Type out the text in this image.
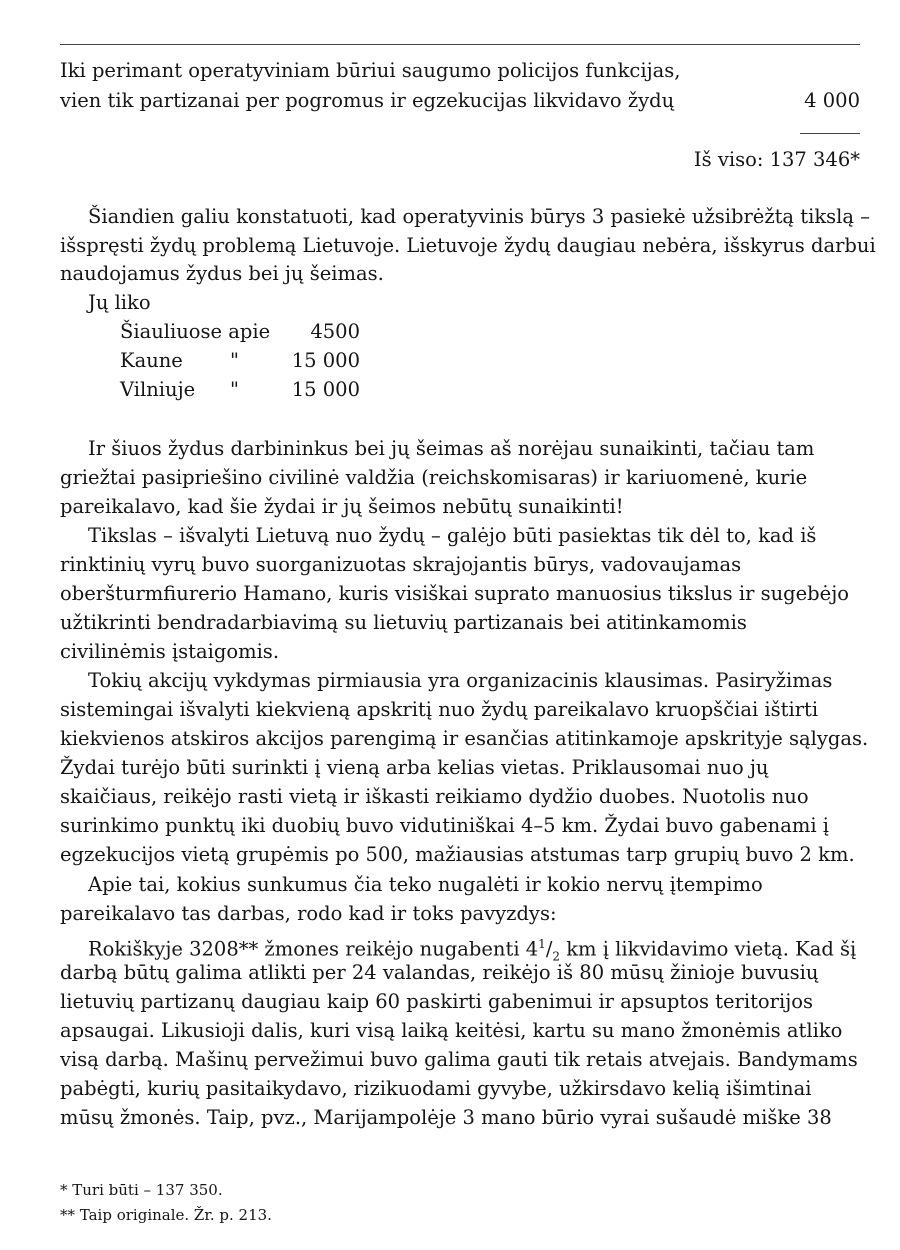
Iki perimant operatyviniam būriui saugumo policijos funkcijas,
vien tik partizanai per pogromus ir egzekucijas likvidavo žydų	4 000
Iš viso: 137 346*
Šiandien galiu konstatuoti, kad operatyvinis būrys 3 pasiekė užsibrėžtą tikslą –
išspręsti žydų problemą Lietuvoje. Lietuvoje žydų daugiau nebėra, išskyrus darbui
naudojamus žydus bei jų šeimas.
Jų liko
Šiauliuose apie	4500
Kaune "	15 000
Vilniuje "	15 000
Ir šiuos žydus darbininkus bei jų šeimas aš norėjau sunaikinti, tačiau tam
griežtai pasipriešino civilinė valdžia (reichskomisaras) ir kariuomenė, kurie
pareikalavo, kad šie žydai ir jų šeimos nebūtų sunaikinti!
Tikslas – išvalyti Lietuvą nuo žydų – galėjo būti pasiektas tik dėl to, kad iš
rinktinių vyrų buvo suorganizuotas skrajojantis būrys, vadovaujamas
oberšturmfiurerio Hamano, kuris visiškai suprato manuosius tikslus ir sugebėjo
užtikrinti bendradarbiavimą su lietuvių partizanais bei atitinkamomis
civilinėmis įstaigomis.
Tokių akcijų vykdymas pirmiausia yra organizacinis klausimas. Pasiryžimas
sistemingai išvalyti kiekvieną apskritį nuo žydų pareikalavo kruopščiai ištirti
kiekvienos atskiros akcijos parengimą ir esančias atitinkamoje apskrityje sąlygas.
Žydai turėjo būti surinkti į vieną arba kelias vietas. Priklausomai nuo jų
skaičiaus, reikėjo rasti vietą ir iškasti reikiamo dydžio duobes. Nuotolis nuo
surinkimo punktų iki duobių buvo vidutiniškai 4–5 km. Žydai buvo gabenami į
egzekucijos vietą grupėmis po 500, mažiausias atstumas tarp grupių buvo 2 km.
Apie tai, kokius sunkumus čia teko nugalėti ir kokio nervų įtempimo
pareikalavo tas darbas, rodo kad ir toks pavyzdys:
Rokiškyje 3208** žmones reikėjo nugabenti $4^1/_2$ km į likvidavimo vietą. Kad šį
darbą būtų galima atlikti per 24 valandas, reikėjo iš 80 mūsų žinioje buvusių
lietuvių partizanų daugiau kaip 60 paskirti gabenimui ir apsuptos teritorijos
apsaugai. Likusioji dalis, kuri visą laiką keitėsi, kartu su mano žmonėmis atliko
visą darbą. Mašinų pervežimui buvo galima gauti tik retais atvejais. Bandymams
pabėgti, kurių pasitaikydavo, rizikuodami gyvybe, užkirsdavo kelią išimtinai
mūsų žmonės. Taip, pvz., Marijampolėje 3 mano būrio vyrai sušaudė miške 38
* Turi būti – 137 350.
** Taip originale. Žr. p. 213.
